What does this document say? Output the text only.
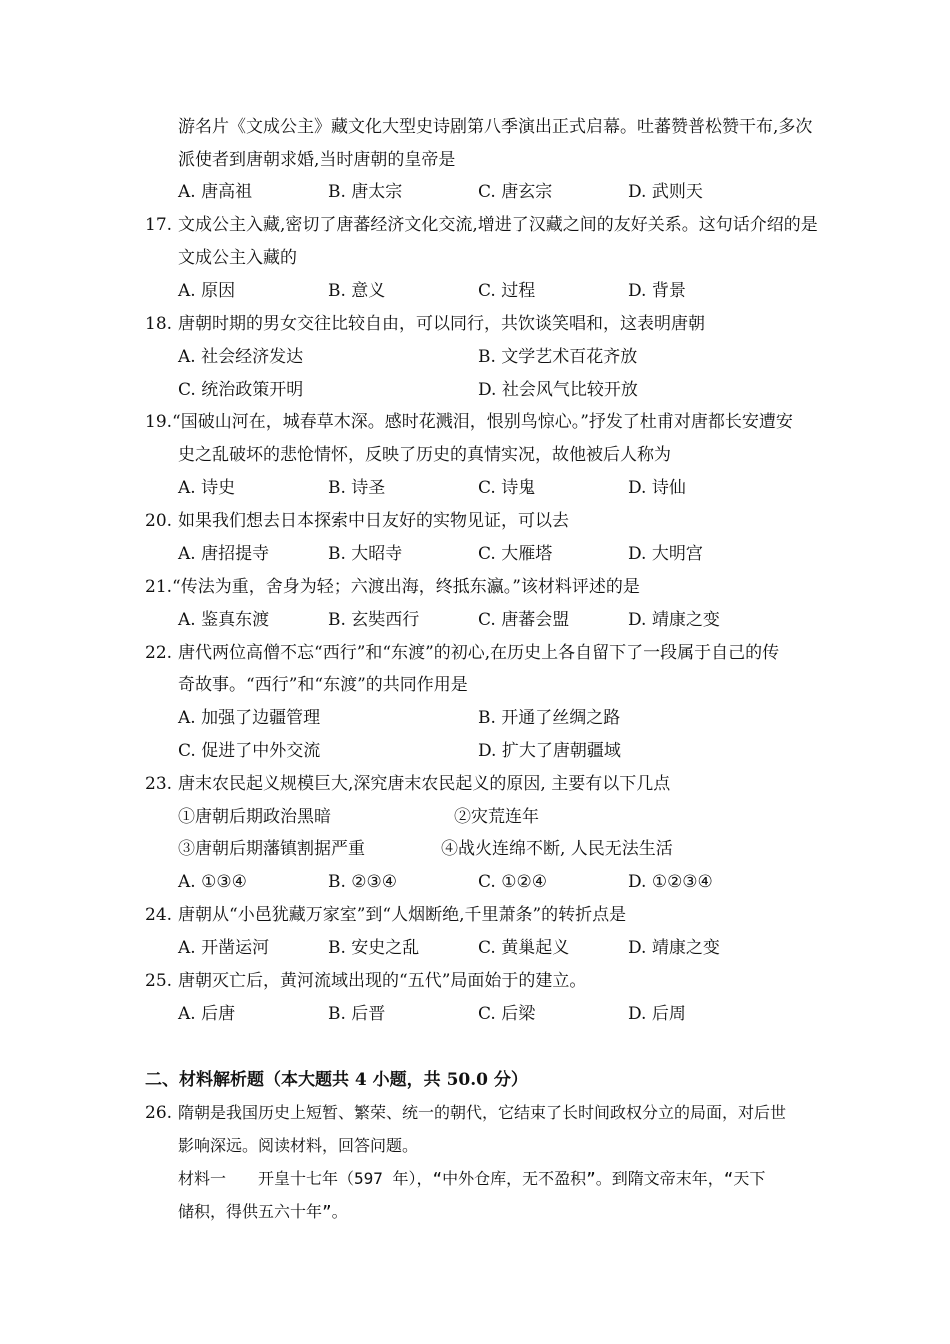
游名片《文成公主》藏文化大型史诗剧第八季演出正式启幕。吐蕃赞普松赞干布,多次
派使者到唐朝求婚,当时唐朝的皇帝是
A. 唐高祖	B. 唐太宗	C. 唐玄宗	D. 武则天
17. 文成公主入藏,密切了唐蕃经济文化交流,增进了汉藏之间的友好关系。这句话介绍的是
文成公主入藏的
A. 原因	B. 意义	C. 过程	D. 背景
18. 唐朝时期的男女交往比较自由，可以同行，共饮谈笑唱和，这表明唐朝
A. 社会经济发达	B. 文学艺术百花齐放
C. 统治政策开明	D. 社会风气比较开放
19. “国破山河在，城春草木深。感时花溅泪，恨别鸟惊心。”抒发了杜甫对唐都长安遭安
史之乱破坏的悲怆情怀，反映了历史的真情实况，故他被后人称为
A. 诗史	B. 诗圣	C. 诗鬼	D. 诗仙
20. 如果我们想去日本探索中日友好的实物见证，可以去
A. 唐招提寺	B. 大昭寺	C. 大雁塔	D. 大明宫
21. “传法为重，舍身为轻；六渡出海，终抵东瀛。”该材料评述的是
A. 鉴真东渡	B. 玄奘西行	C. 唐蕃会盟	D. 靖康之变
22. 唐代两位高僧不忘“西行”和“东渡”的初心,在历史上各自留下了一段属于自己的传
奇故事。“西行”和“东渡”的共同作用是
A. 加强了边疆管理	B. 开通了丝绸之路
C. 促进了中外交流	D. 扩大了唐朝疆域
23. 唐末农民起义规模巨大,深究唐末农民起义的原因, 主要有以下几点
①唐朝后期政治黑暗	②灾荒连年
③唐朝后期藩镇割据严重	④战火连绵不断, 人民无法生活
A. ①③④	B. ②③④	C. ①②④	D. ①②③④
24. 唐朝从“小邑犹藏万家室”到“人烟断绝,千里萧条”的转折点是
A. 开凿运河	B. 安史之乱	C. 黄巢起义	D. 靖康之变
25. 唐朝灭亡后，黄河流域出现的“五代”局面始于的建立。
A. 后唐	B. 后晋	C. 后梁	D. 后周
二、材料解析题（本大题共 4 小题，共 50.0 分）
26. 隋朝是我国历史上短暂、繁荣、统一的朝代，它结束了长时间政权分立的局面，对后世
影响深远。阅读材料，回答问题。
材料一　　开皇十七年（597 年），“中外仓库，无不盈积”。到隋文帝末年，“天下
储积，得供五六十年”。
